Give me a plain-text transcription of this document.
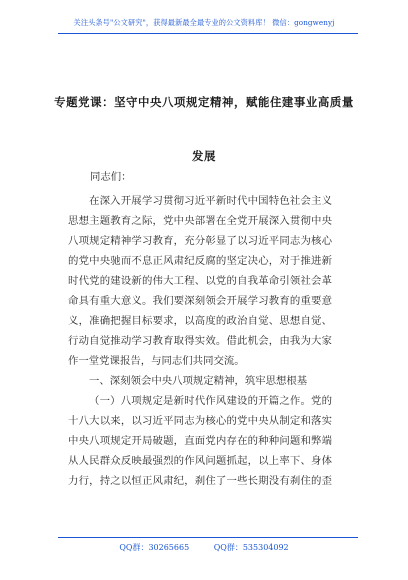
关注头条号"公文研究"，获得最新最全最专业的公文资料库！ 微信：gongwenyj
专题党课：坚守中央八项规定精神，赋能住建事业高质量
发展
同志们：
在深入开展学习贯彻习近平新时代中国特色社会主义
思想主题教育之际，党中央部署在全党开展深入贯彻中央
八项规定精神学习教育，充分彰显了以习近平同志为核心
的党中央驰而不息正风肃纪反腐的坚定决心，对于推进新
时代党的建设新的伟大工程、以党的自我革命引领社会革
命具有重大意义。我们要深刻领会开展学习教育的重要意
义，准确把握目标要求，以高度的政治自觉、思想自觉、
行动自觉推动学习教育取得实效。借此机会，由我为大家
作一堂党课报告，与同志们共同交流。
一、深刻领会中央八项规定精神，筑牢思想根基
（一）八项规定是新时代作风建设的开篇之作。党的
十八大以来，以习近平同志为核心的党中央从制定和落实
中央八项规定开局破题，直面党内存在的种种问题和弊端
从人民群众反映最强烈的作风问题抓起，以上率下、身体
力行，持之以恒正风肃纪，刹住了一些长期没有刹住的歪
QQ群：30265665	QQ群：535304092
